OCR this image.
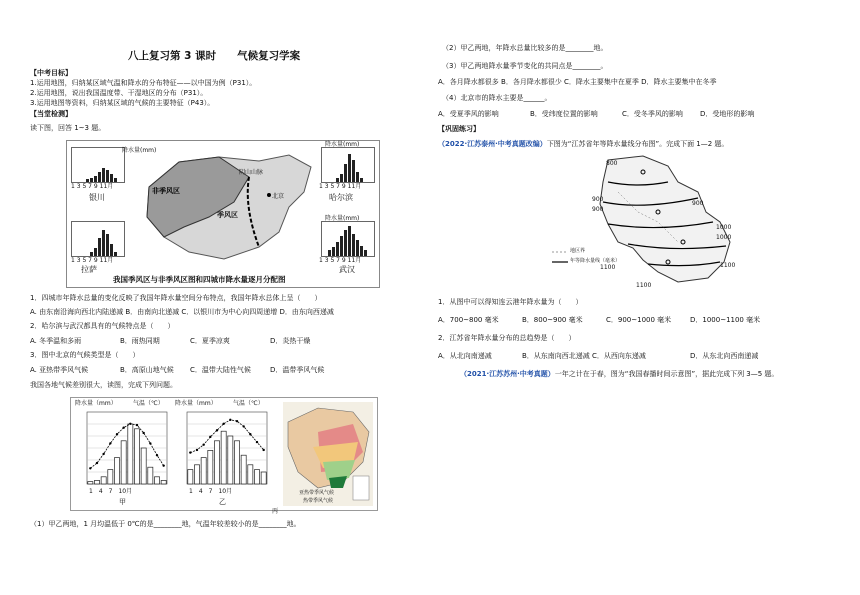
八上复习第 3 课时　　气候复习学案
【中考目标】
1.运用地图，归纳某区域气温和降水的分布特征——以中国为例（P31）。
2.运用地图，说出我国温度带、干湿地区的分布（P31）。
3.运用地图等资料，归纳某区域的气候的主要特征（P43）。
【当堂检测】
读下图，回答 1~3 题。
非季风区
季风区
北京
阴山山脉
降水量(mm)
1 3 5 7 9 11月
银川
1 3 5 7 9 11月
拉萨
降水量(mm)
1 3 5 7 9 11月
哈尔滨
降水量(mm)
1 3 5 7 9 11月
武汉
我国季风区与非季风区图和四城市降水量逐月分配图
1．四城市年降水总量的变化反映了我国年降水量空间分布特点，我国年降水总体上呈（　　）
A. 由东南沿海向西北内陆递减 B．由南向北递减 C．以银川市为中心向四周递增 D．由东向西递减
2．哈尔滨与武汉都具有的气候特点是（　　）
A. 冬季温和多雨	B．雨热同期	C．夏季凉爽	D．炎热干燥
3．图中北京的气候类型是（　　）
A. 亚热带季风气候	B．高原山地气候 C．温带大陆性气候	D．温带季风气候
我国各地气候差别很大，读图，完成下列问题。
降水量（mm）	气温（℃）
1　4　7　10月
甲
降水量（mm）	气温（℃）
1　4　7　10月
乙
亚热带季风气候
热带季风气候
丙
（1）甲乙两地，1 月均温低于 0℃的是________地，气温年较差较小的是________地。
（2）甲乙两地，年降水总量比较多的是________地。
（3）甲乙两地降水量季节变化的共同点是________。
A．各月降水都很多 B．各月降水都很少 C．降水主要集中在夏季 D．降水主要集中在冬季
（4）北京市的降水主要是______。
A．受夏季风的影响	B．受纬度位置的影响	C．受冬季风的影响 D．受地形的影响
【巩固练习】
（2022·江苏泰州·中考真题改编）下图为“江苏省年等降水量线分布图”。完成下面 1—2 题。
800
900
900
900
1000
1000
1100	1100
1100
地区界
年等降水量线（毫米）
1．从图中可以得知连云港年降水量为（　　）
A．700~800 毫米	B．800~900 毫米	C．900~1000 毫米	D．1000~1100 毫米
2．江苏省年降水量分布的总趋势是（　　）
A．从北向南递减	B．从东南向西北递减 C．从西向东递减	D．从东北向西南递减
（2021·江苏苏州·中考真题）一年之计在于春，图为“我国春播时间示意图”，据此完成下列 3—5 题。
